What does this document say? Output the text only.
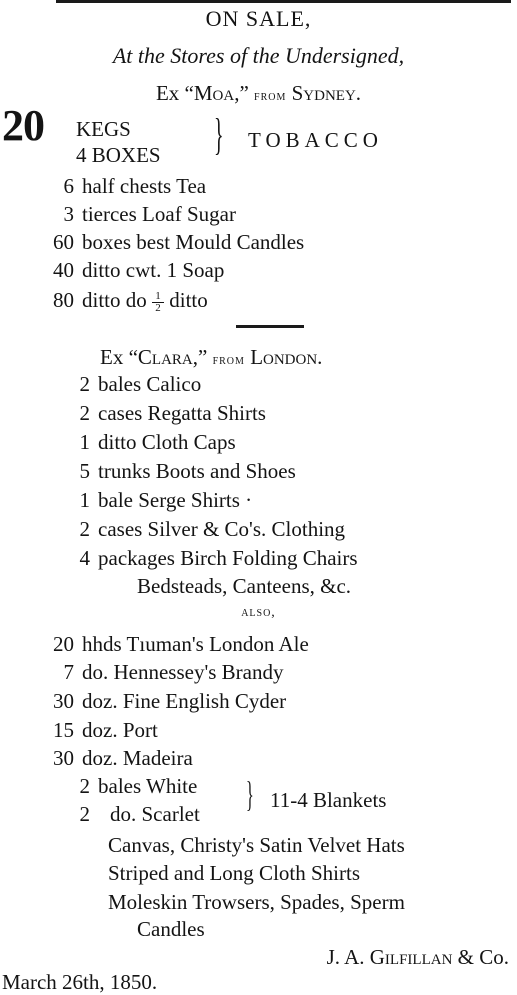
ON SALE,
At the Stores of the Undersigned,
Ex “Moa,” from Sydney.
20 KEGS
4 BOXES } TOBACCO
6 half chests Tea
3 tierces Loaf Sugar
60 boxes best Mould Candles
40 ditto cwt. 1 Soap
80 ditto do $\frac{1}{2}$ ditto
Ex “Clara,” from London.
2 bales Calico
2 cases Regatta Shirts
1 ditto Cloth Caps
5 trunks Boots and Shoes
1 bale Serge Shirts ·
2 cases Silver & Co's. Clothing
4 packages Birch Folding Chairs
Bedsteads, Canteens, &c.
also,
20 hhds Tıuman's London Ale
7 do. Hennessey's Brandy
30 doz. Fine English Cyder
15 doz. Port
30 doz. Madeira
2 bales White
2 do. Scarlet } 11-4 Blankets
Canvas, Christy's Satin Velvet Hats
Striped and Long Cloth Shirts
Moleskin Trowsers, Spades, Sperm
Candles
J. A. Gilfillan & Co.
March 26th, 1850.
